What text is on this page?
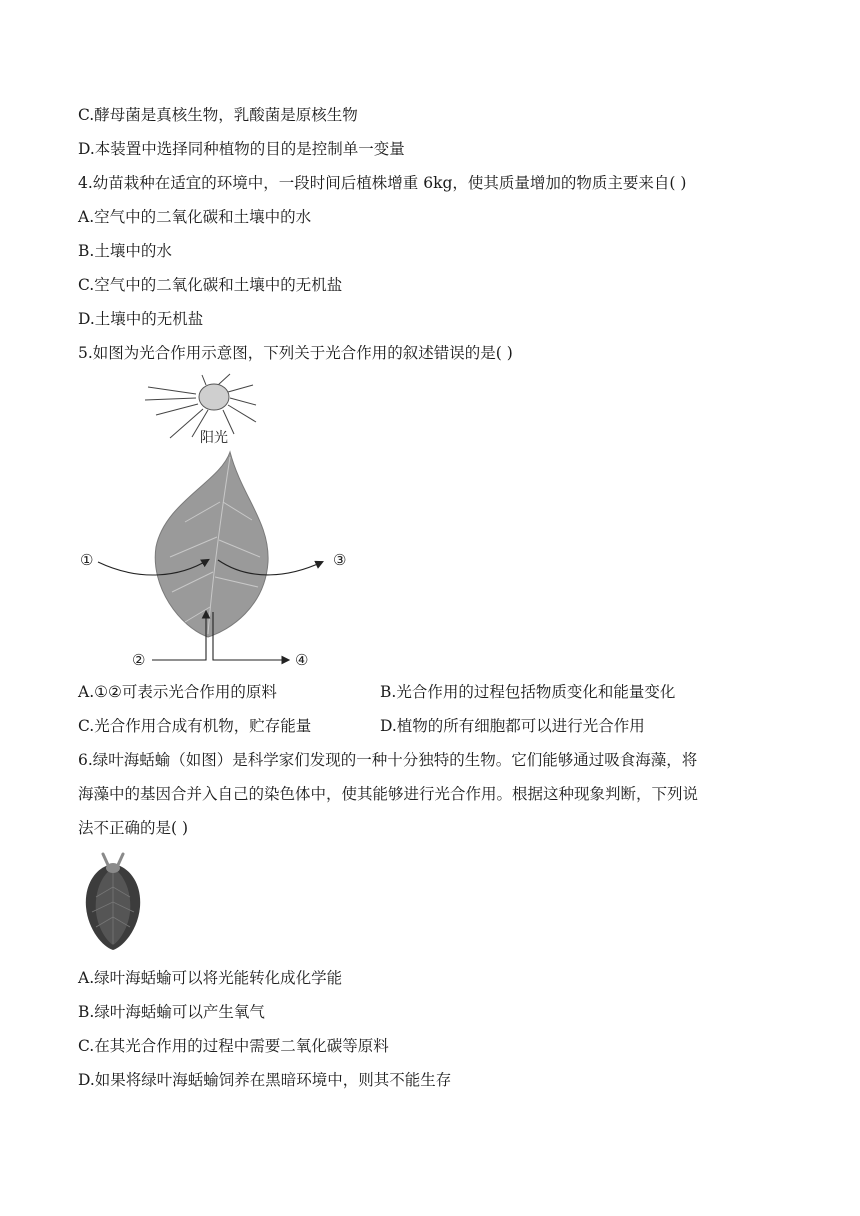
C.酵母菌是真核生物，乳酸菌是原核生物
D.本装置中选择同种植物的目的是控制单一变量
4.幼苗栽种在适宜的环境中，一段时间后植株增重 6kg，使其质量增加的物质主要来自( )
A.空气中的二氧化碳和土壤中的水
B.土壤中的水
C.空气中的二氧化碳和土壤中的无机盐
D.土壤中的无机盐
5.如图为光合作用示意图，下列关于光合作用的叙述错误的是( )
阳光
①	③
②	④
A.①②可表示光合作用的原料	B.光合作用的过程包括物质变化和能量变化
C.光合作用合成有机物，贮存能量	D.植物的所有细胞都可以进行光合作用
6.绿叶海蛞蝓（如图）是科学家们发现的一种十分独特的生物。它们能够通过吸食海藻，将
海藻中的基因合并入自己的染色体中，使其能够进行光合作用。根据这种现象判断，下列说
法不正确的是( )
A.绿叶海蛞蝓可以将光能转化成化学能
B.绿叶海蛞蝓可以产生氧气
C.在其光合作用的过程中需要二氧化碳等原料
D.如果将绿叶海蛞蝓饲养在黑暗环境中，则其不能生存
